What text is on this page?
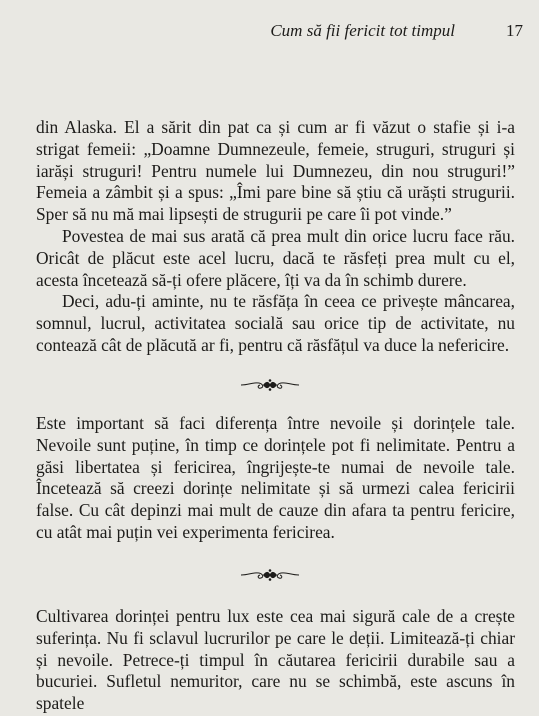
Cum să fii fericit tot timpul	17

din Alaska. El a sărit din pat ca și cum ar fi văzut o stafie și i-a strigat femeii: „Doamne Dumnezeule, femeie, struguri, struguri și iarăși struguri! Pentru numele lui Dumnezeu, din nou struguri!” Femeia a zâmbit și a spus: „Îmi pare bine să știu că urăști strugurii. Sper să nu mă mai lipsești de strugurii pe care îi pot vinde.”

Povestea de mai sus arată că prea mult din orice lucru face rău. Oricât de plăcut este acel lucru, dacă te răsfeți prea mult cu el, acesta încetează să-ți ofere plăcere, îți va da în schimb durere.

Deci, adu-ți aminte, nu te răsfăța în ceea ce privește mâncarea, somnul, lucrul, activitatea socială sau orice tip de activitate, nu contează cât de plăcută ar fi, pentru că răsfățul va duce la nefericire.

Este important să faci diferența între nevoile și dorințele tale. Nevoile sunt puține, în timp ce dorințele pot fi nelimitate. Pentru a găsi libertatea și fericirea, îngrijește-te numai de nevoile tale. Încetează să creezi dorințe nelimitate și să urmezi calea fericirii false. Cu cât depinzi mai mult de cauze din afara ta pentru fericire, cu atât mai puțin vei experimenta fericirea.

Cultivarea dorinței pentru lux este cea mai sigură cale de a crește suferința. Nu fi sclavul lucrurilor pe care le deții. Limitează-ți chiar și nevoile. Petrece-ți timpul în căutarea fericirii durabile sau a bucuriei. Sufletul nemuritor, care nu se schimbă, este ascuns în spatele
